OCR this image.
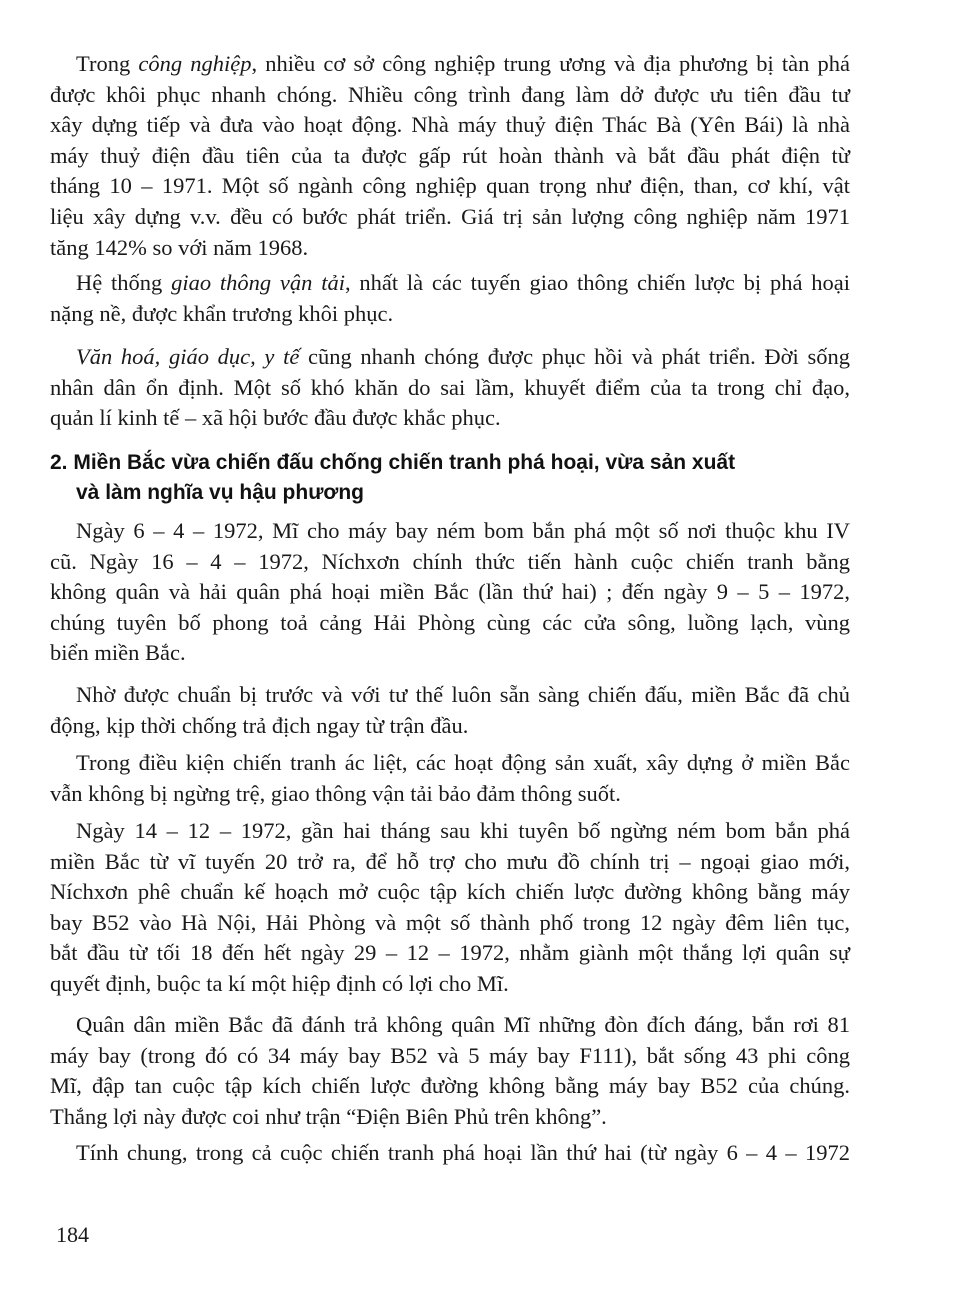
Trong công nghiệp, nhiều cơ sở công nghiệp trung ương và địa phương bị tàn phá
được khôi phục nhanh chóng. Nhiều công trình đang làm dở được ưu tiên đầu tư
xây dựng tiếp và đưa vào hoạt động. Nhà máy thuỷ điện Thác Bà (Yên Bái) là nhà
máy thuỷ điện đầu tiên của ta được gấp rút hoàn thành và bắt đầu phát điện từ
tháng 10 – 1971. Một số ngành công nghiệp quan trọng như điện, than, cơ khí, vật
liệu xây dựng v.v. đều có bước phát triển. Giá trị sản lượng công nghiệp năm 1971
tăng 142% so với năm 1968.
Hệ thống giao thông vận tải, nhất là các tuyến giao thông chiến lược bị phá hoại
nặng nề, được khẩn trương khôi phục.
Văn hoá, giáo dục, y tế cũng nhanh chóng được phục hồi và phát triển. Đời sống
nhân dân ổn định. Một số khó khăn do sai lầm, khuyết điểm của ta trong chỉ đạo,
quản lí kinh tế – xã hội bước đầu được khắc phục.
2. Miền Bắc vừa chiến đấu chống chiến tranh phá hoại, vừa sản xuất
và làm nghĩa vụ hậu phương
Ngày 6 – 4 – 1972, Mĩ cho máy bay ném bom bắn phá một số nơi thuộc khu IV
cũ. Ngày 16 – 4 – 1972, Níchxơn chính thức tiến hành cuộc chiến tranh bằng
không quân và hải quân phá hoại miền Bắc (lần thứ hai) ; đến ngày 9 – 5 – 1972,
chúng tuyên bố phong toả cảng Hải Phòng cùng các cửa sông, luồng lạch, vùng
biển miền Bắc.
Nhờ được chuẩn bị trước và với tư thế luôn sẵn sàng chiến đấu, miền Bắc đã chủ
động, kịp thời chống trả địch ngay từ trận đầu.
Trong điều kiện chiến tranh ác liệt, các hoạt động sản xuất, xây dựng ở miền Bắc
vẫn không bị ngừng trệ, giao thông vận tải bảo đảm thông suốt.
Ngày 14 – 12 – 1972, gần hai tháng sau khi tuyên bố ngừng ném bom bắn phá
miền Bắc từ vĩ tuyến 20 trở ra, để hỗ trợ cho mưu đồ chính trị – ngoại giao mới,
Níchxơn phê chuẩn kế hoạch mở cuộc tập kích chiến lược đường không bằng máy
bay B52 vào Hà Nội, Hải Phòng và một số thành phố trong 12 ngày đêm liên tục,
bắt đầu từ tối 18 đến hết ngày 29 – 12 – 1972, nhằm giành một thắng lợi quân sự
quyết định, buộc ta kí một hiệp định có lợi cho Mĩ.
Quân dân miền Bắc đã đánh trả không quân Mĩ những đòn đích đáng, bắn rơi 81
máy bay (trong đó có 34 máy bay B52 và 5 máy bay F111), bắt sống 43 phi công
Mĩ, đập tan cuộc tập kích chiến lược đường không bằng máy bay B52 của chúng.
Thắng lợi này được coi như trận “Điện Biên Phủ trên không”.
Tính chung, trong cả cuộc chiến tranh phá hoại lần thứ hai (từ ngày 6 – 4 – 1972
184
